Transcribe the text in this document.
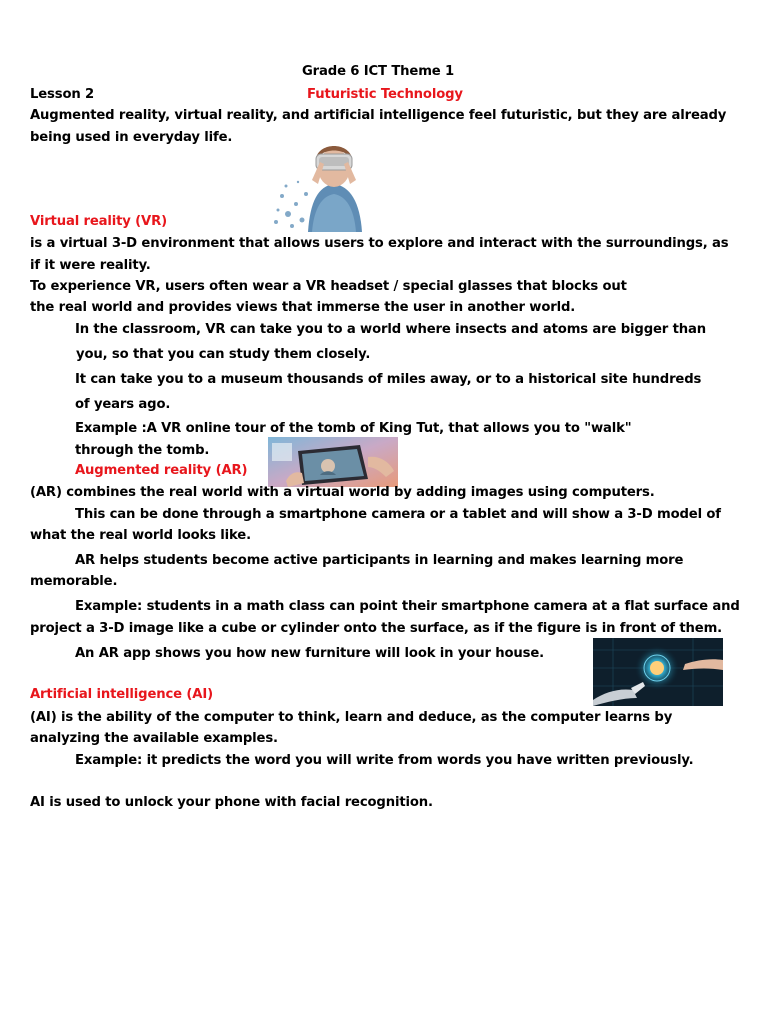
Grade 6 ICT Theme 1
Lesson 2	Futuristic Technology
Augmented reality, virtual reality, and artificial intelligence feel futuristic, but they are already
being used in everyday life.
Virtual reality (VR)
is a virtual 3-D environment that allows users to explore and interact with the surroundings, as
if it were reality.
To experience VR, users often wear a VR headset / special glasses that blocks out
the real world and provides views that immerse the user in another world.
In the classroom, VR can take you to a world where insects and atoms are bigger than
you, so that you can study them closely.
It can take you to a museum thousands of miles away, or to a historical site hundreds
of years ago.
Example :A VR online tour of the tomb of King Tut, that allows you to "walk"
through the tomb.
Augmented reality (AR)
(AR) combines the real world with a virtual world by adding images using computers.
This can be done through a smartphone camera or a tablet and will show a 3-D model of
what the real world looks like.
AR helps students become active participants in learning and makes learning more
memorable.
Example: students in a math class can point their smartphone camera at a flat surface and
project a 3-D image like a cube or cylinder onto the surface, as if the figure is in front of them.
An AR app shows you how new furniture will look in your house.
Artificial intelligence (AI)
(AI) is the ability of the computer to think, learn and deduce, as the computer learns by
analyzing the available examples.
Example: it predicts the word you will write from words you have written previously.
AI is used to unlock your phone with facial recognition.
